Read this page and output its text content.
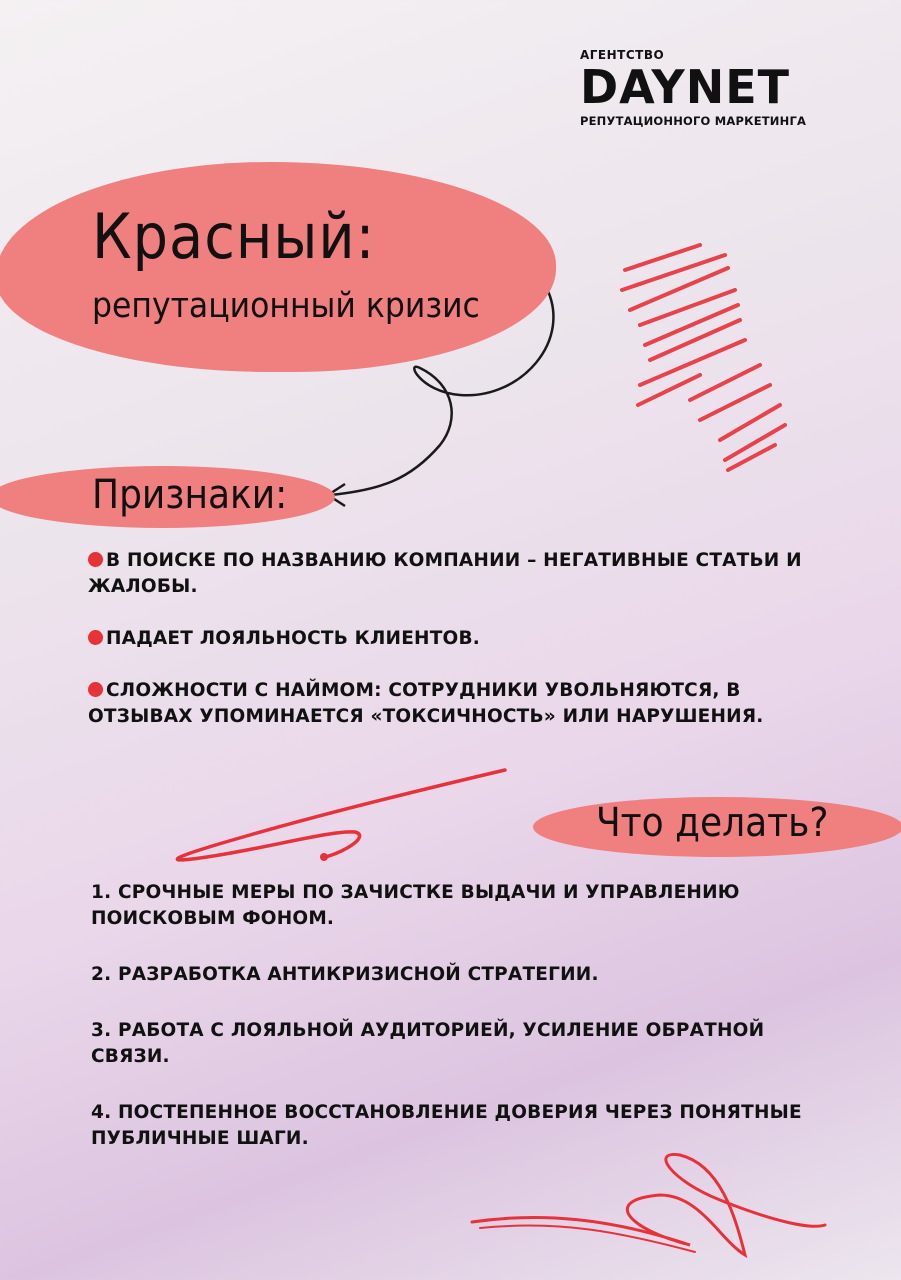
АГЕНТСТВО
DAYNET
РЕПУТАЦИОННОГО МАРКЕТИНГА
Красный:
репутационный кризис
Признаки:
В ПОИСКЕ ПО НАЗВАНИЮ КОМПАНИИ – НЕГАТИВНЫЕ СТАТЬИ И ЖАЛОБЫ.
ПАДАЕТ ЛОЯЛЬНОСТЬ КЛИЕНТОВ.
СЛОЖНОСТИ С НАЙМОМ: СОТРУДНИКИ УВОЛЬНЯЮТСЯ, В ОТЗЫВАХ УПОМИНАЕТСЯ «ТОКСИЧНОСТЬ» ИЛИ НАРУШЕНИЯ.
Что делать?
1. СРОЧНЫЕ МЕРЫ ПО ЗАЧИСТКЕ ВЫДАЧИ И УПРАВЛЕНИЮ ПОИСКОВЫМ ФОНОМ.
2. РАЗРАБОТКА АНТИКРИЗИСНОЙ СТРАТЕГИИ.
3. РАБОТА С ЛОЯЛЬНОЙ АУДИТОРИЕЙ, УСИЛЕНИЕ ОБРАТНОЙ СВЯЗИ.
4. ПОСТЕПЕННОЕ ВОССТАНОВЛЕНИЕ ДОВЕРИЯ ЧЕРЕЗ ПОНЯТНЫЕ ПУБЛИЧНЫЕ ШАГИ.
